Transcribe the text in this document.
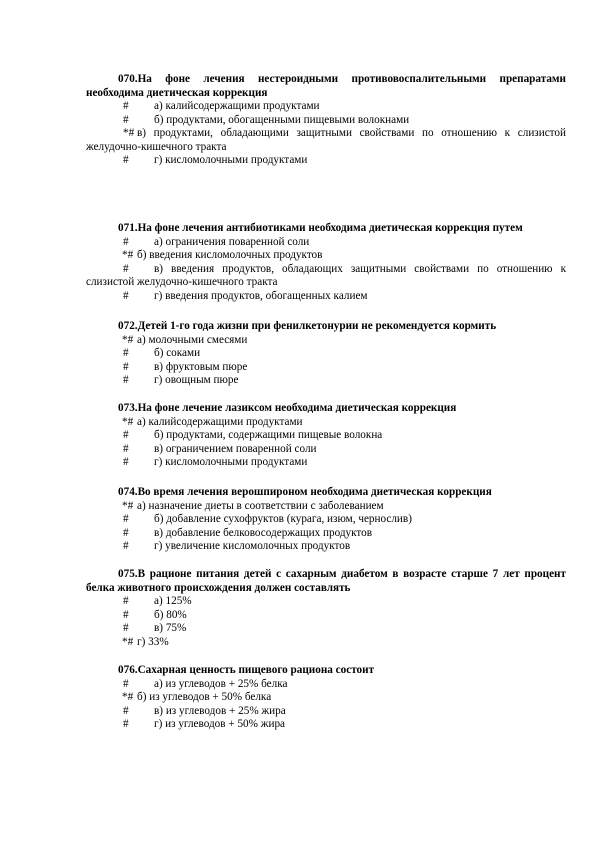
070.На фоне лечения нестероидными противовоспалительными препаратами необходима диетическая коррекция
# а) калийсодержащими продуктами
# б) продуктами, обогащенными пищевыми волокнами
*# в) продуктами, обладающими защитными свойствами по отношению к слизистой желудочно-кишечного тракта
# г) кисломолочными продуктами
071.На фоне лечения антибиотиками необходима диетическая коррекция путем
# а) ограничения поваренной соли
*# б) введения кисломолочных продуктов
#	в) введения продуктов, обладающих защитными свойствами по отношению к слизистой желудочно-кишечного тракта
# г) введения продуктов, обогащенных калием
072.Детей 1-го года жизни при фенилкетонурии не рекомендуется кормить
*# а) молочными смесями
# б) соками
# в) фруктовым пюре
# г) овощным пюре
073.На фоне лечение лазиксом необходима диетическая коррекция
*# а) калийсодержащими продуктами
# б) продуктами, содержащими пищевые волокна
# в) ограничением поваренной соли
# г) кисломолочными продуктами
074.Во время лечения верошпироном необходима диетическая коррекция
*# а) назначение диеты в соответствии с заболеванием
# б) добавление сухофруктов (курага, изюм, чернослив)
# в) добавление белковосодержащих продуктов
# г) увеличение кисломолочных продуктов
075.В рационе питания детей с сахарным диабетом в возрасте старше 7 лет процент белка животного происхождения должен составлять
# а) 125%
# б) 80%
# в) 75%
*# г) 33%
076.Сахарная ценность пищевого рациона состоит
# а) из углеводов + 25% белка
*# б) из углеводов + 50% белка
# в) из углеводов + 25% жира
# г) из углеводов + 50% жира
